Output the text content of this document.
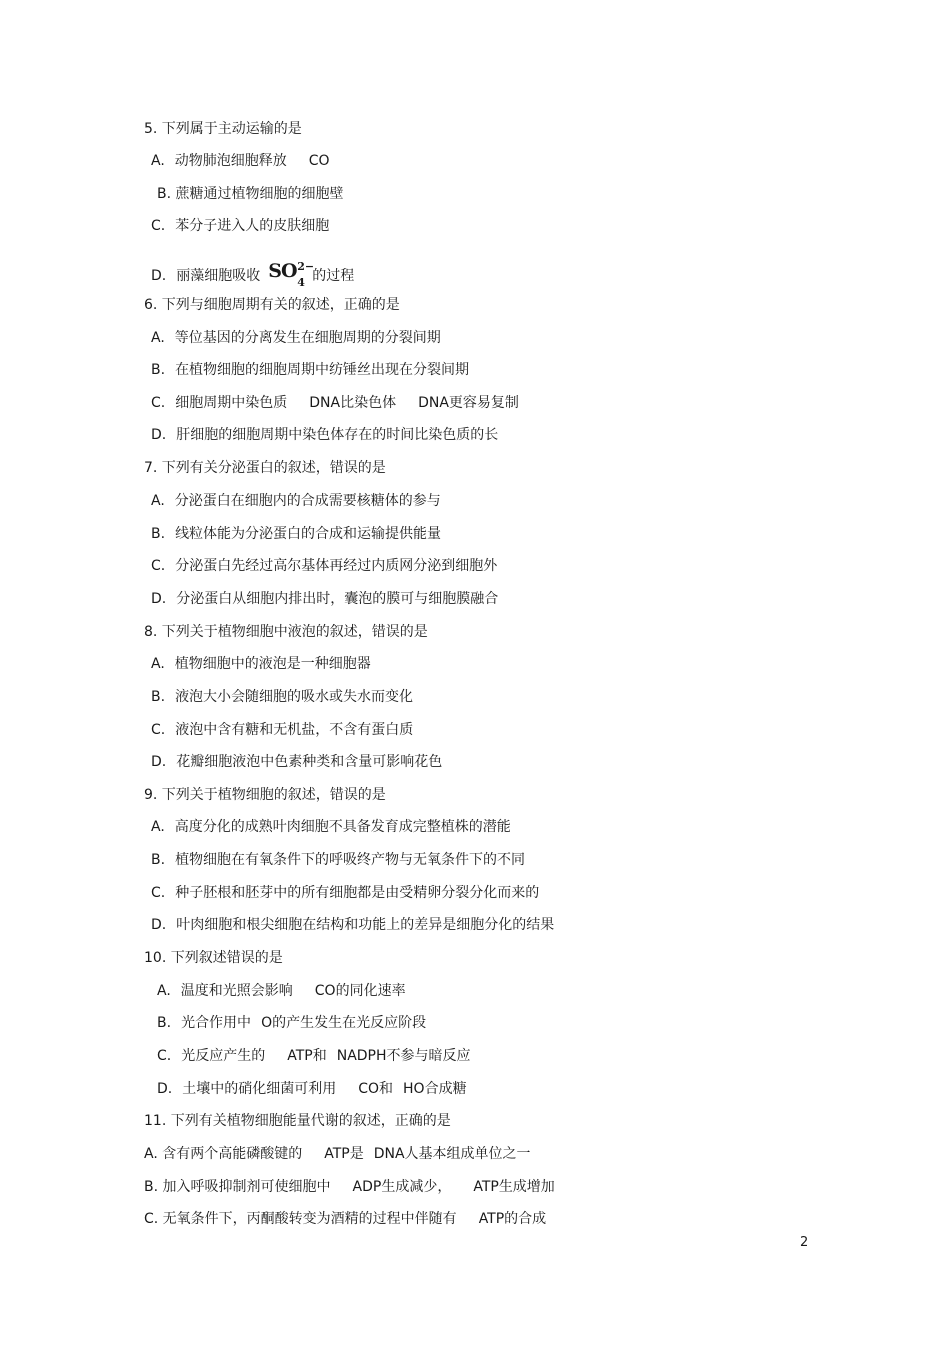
5. 下列属于主动运输的是

A. 动物肺泡细胞释放 CO

B. 蔗糖通过植物细胞的细胞壁

C. 苯分子进入人的皮肤细胞

D. 丽藻细胞吸收 SO 2−
4 的过程

6. 下列与细胞周期有关的叙述，正确的是

A. 等位基因的分离发生在细胞周期的分裂间期

B. 在植物细胞的细胞周期中纺锤丝出现在分裂间期

C. 细胞周期中染色质 DNA比染色体 DNA更容易复制

D. 肝细胞的细胞周期中染色体存在的时间比染色质的长

7. 下列有关分泌蛋白的叙述，错误的是

A. 分泌蛋白在细胞内的合成需要核糖体的参与

B. 线粒体能为分泌蛋白的合成和运输提供能量

C. 分泌蛋白先经过高尔基体再经过内质网分泌到细胞外

D. 分泌蛋白从细胞内排出时，囊泡的膜可与细胞膜融合

8. 下列关于植物细胞中液泡的叙述，错误的是

A. 植物细胞中的液泡是一种细胞器

B. 液泡大小会随细胞的吸水或失水而变化

C. 液泡中含有糖和无机盐，不含有蛋白质

D. 花瓣细胞液泡中色素种类和含量可影响花色

9. 下列关于植物细胞的叙述，错误的是

A. 高度分化的成熟叶肉细胞不具备发育成完整植株的潜能

B. 植物细胞在有氧条件下的呼吸终产物与无氧条件下的不同

C. 种子胚根和胚芽中的所有细胞都是由受精卵分裂分化而来的

D. 叶肉细胞和根尖细胞在结构和功能上的差异是细胞分化的结果

10. 下列叙述错误的是

A. 温度和光照会影响 CO的同化速率

B. 光合作用中 O的产生发生在光反应阶段

C. 光反应产生的 ATP和 NADPH不参与暗反应

D. 土壤中的硝化细菌可利用 CO和 HO合成糖

11. 下列有关植物细胞能量代谢的叙述，正确的是

A. 含有两个高能磷酸键的 ATP是 DNA人基本组成单位之一

B. 加入呼吸抑制剂可使细胞中 ADP生成减少， ATP生成增加

C. 无氧条件下，丙酮酸转变为酒精的过程中伴随有 ATP的合成

2
